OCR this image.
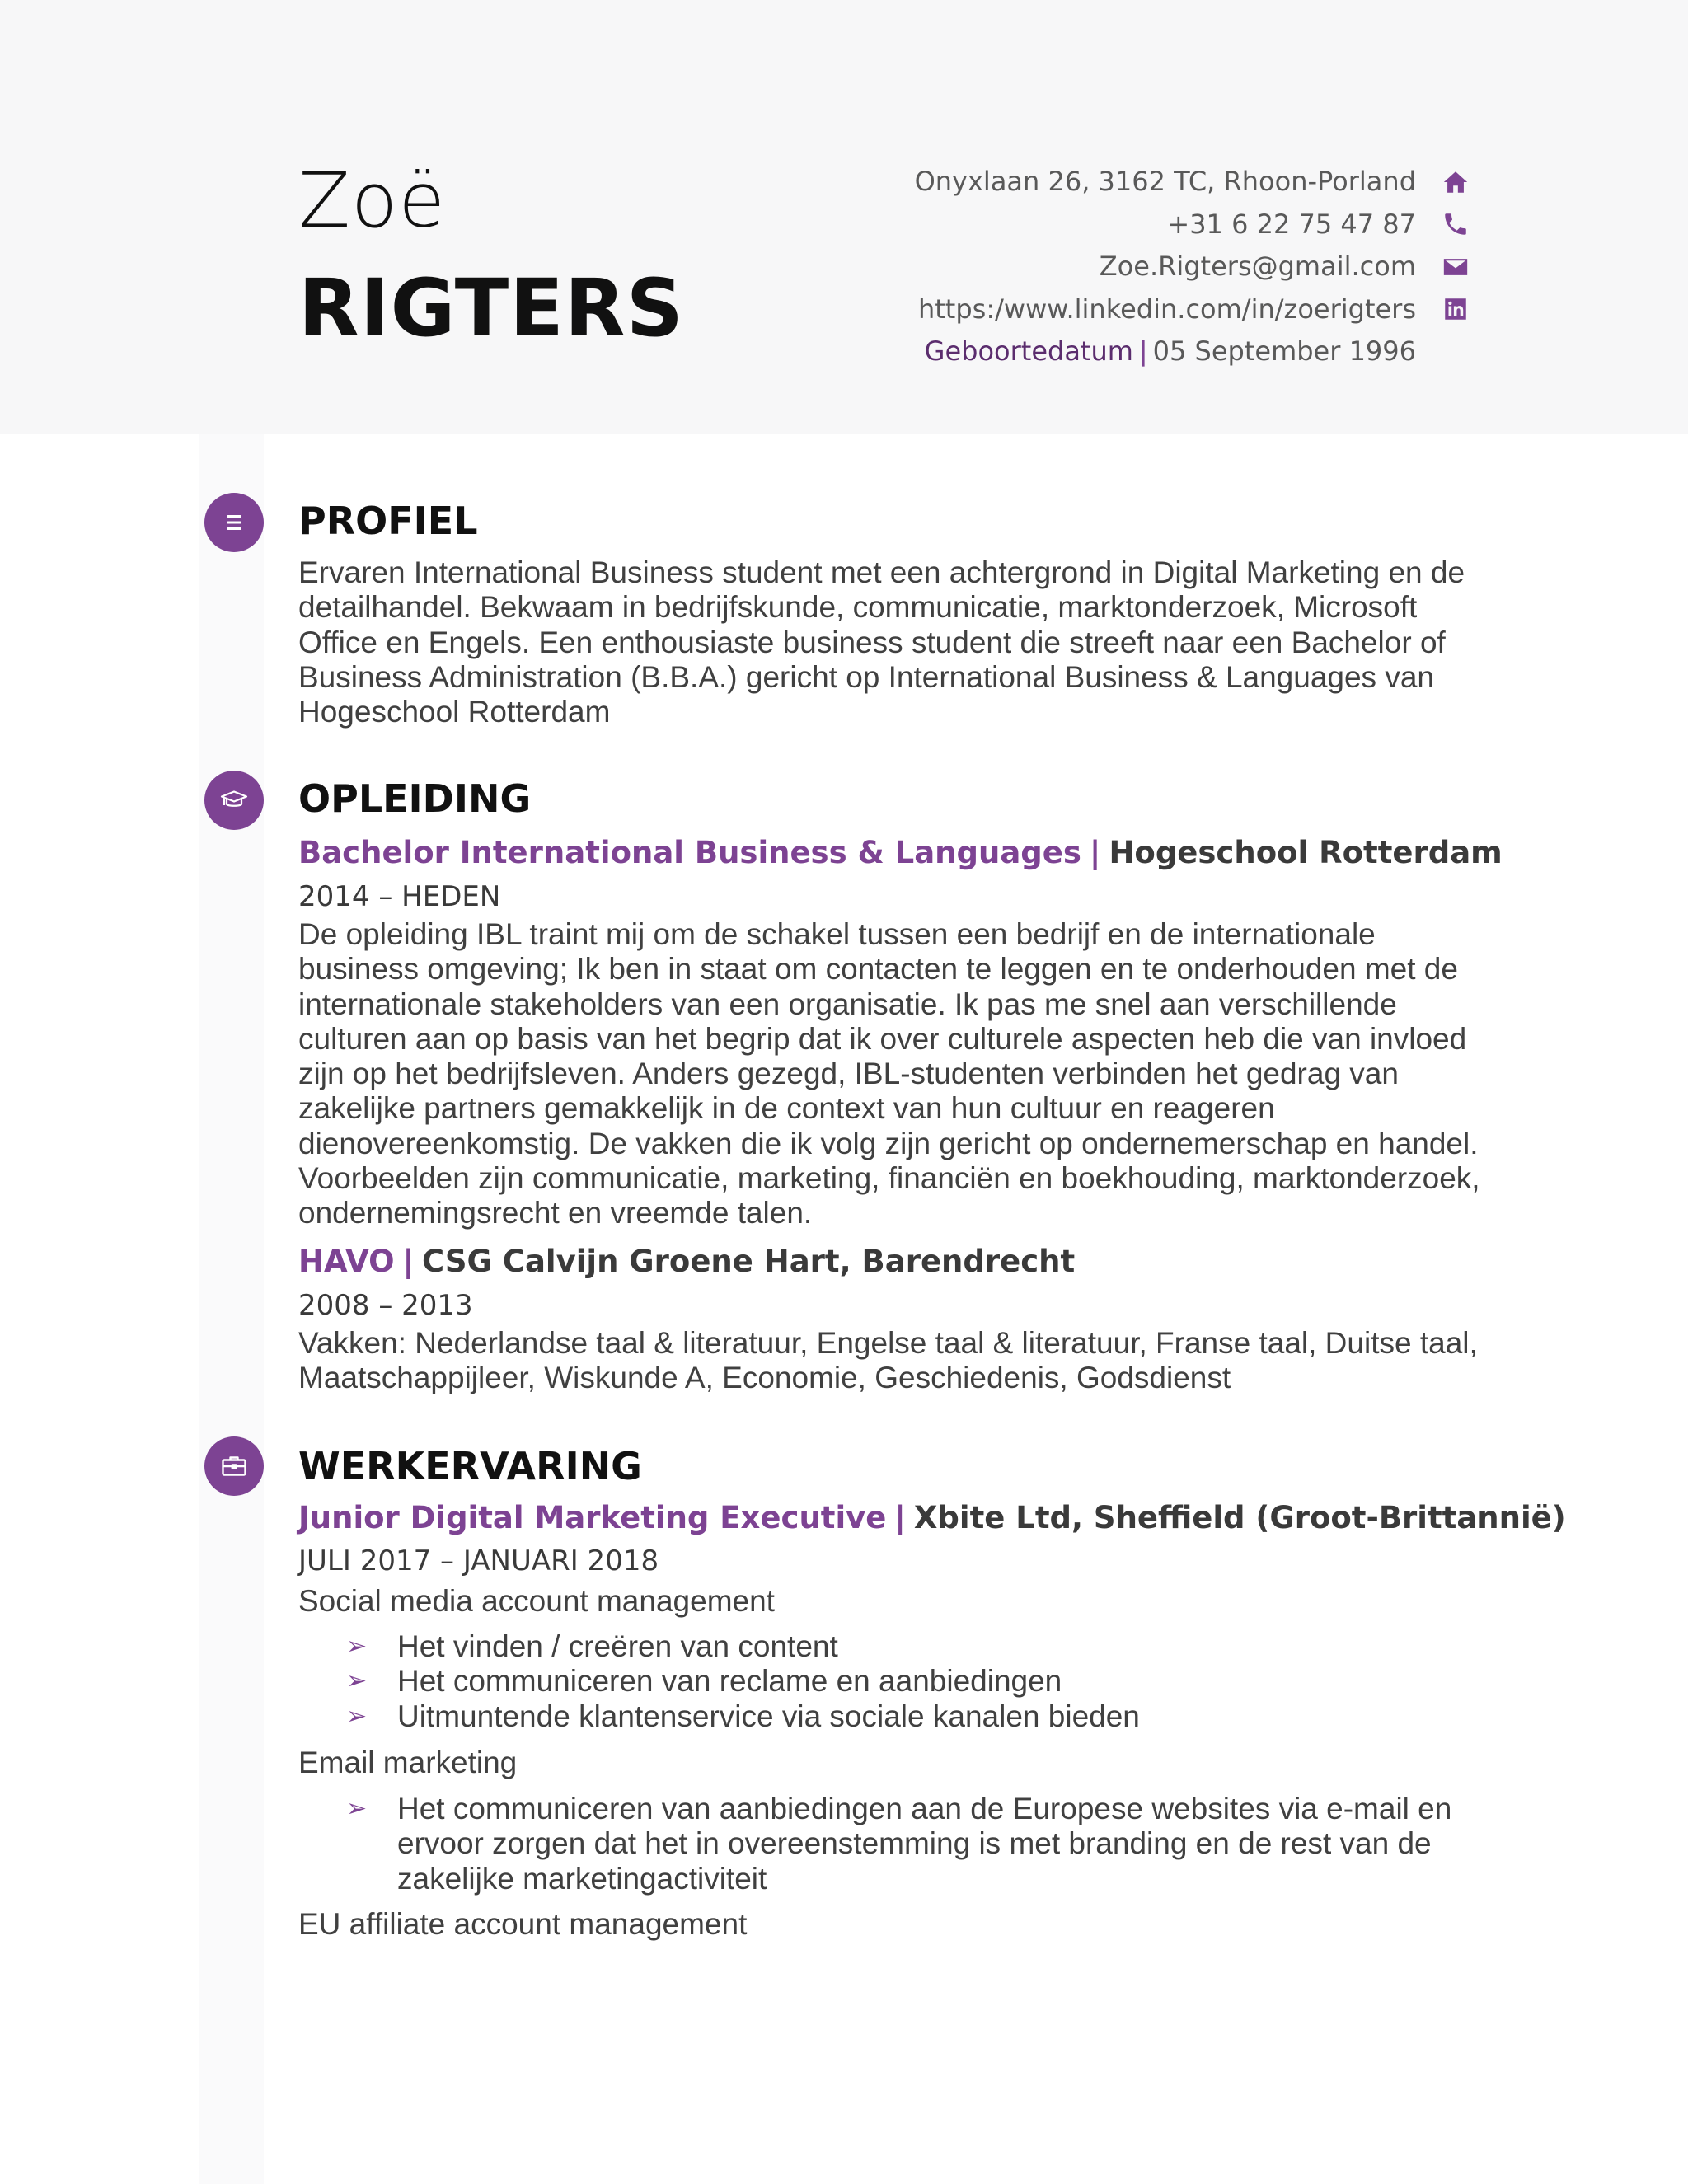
Zoë
RIGTERS
Onyxlaan 26, 3162 TC, Rhoon-Porland
+31 6 22 75 47 87
Zoe.Rigters@gmail.com
https:/www.linkedin.com/in/zoerigters
Geboortedatum | 05 September 1996
PROFIEL
Ervaren International Business student met een achtergrond in Digital Marketing en de detailhandel. Bekwaam in bedrijfskunde, communicatie, marktonderzoek, Microsoft Office en Engels. Een enthousiaste business student die streeft naar een Bachelor of Business Administration (B.B.A.) gericht op International Business & Languages van Hogeschool Rotterdam
OPLEIDING
Bachelor International Business & Languages | Hogeschool Rotterdam
2014 – HEDEN
De opleiding IBL traint mij om de schakel tussen een bedrijf en de internationale business omgeving; Ik ben in staat om contacten te leggen en te onderhouden met de internationale stakeholders van een organisatie. Ik pas me snel aan verschillende culturen aan op basis van het begrip dat ik over culturele aspecten heb die van invloed zijn op het bedrijfsleven. Anders gezegd, IBL-studenten verbinden het gedrag van zakelijke partners gemakkelijk in de context van hun cultuur en reageren dienovereenkomstig. De vakken die ik volg zijn gericht op ondernemerschap en handel. Voorbeelden zijn communicatie, marketing, financiën en boekhouding, marktonderzoek, ondernemingsrecht en vreemde talen.
HAVO | CSG Calvijn Groene Hart, Barendrecht
2008 – 2013
Vakken: Nederlandse taal & literatuur, Engelse taal & literatuur, Franse taal, Duitse taal, Maatschappijleer, Wiskunde A, Economie, Geschiedenis, Godsdienst
WERKERVARING
Junior Digital Marketing Executive | Xbite Ltd, Sheffield (Groot-Brittannië)
JULI 2017 – JANUARI 2018
Social media account management
➢ Het vinden / creëren van content
➢ Het communiceren van reclame en aanbiedingen
➢ Uitmuntende klantenservice via sociale kanalen bieden
Email marketing
➢ Het communiceren van aanbiedingen aan de Europese websites via e-mail en ervoor zorgen dat het in overeenstemming is met branding en de rest van de zakelijke marketingactiviteit
EU affiliate account management
